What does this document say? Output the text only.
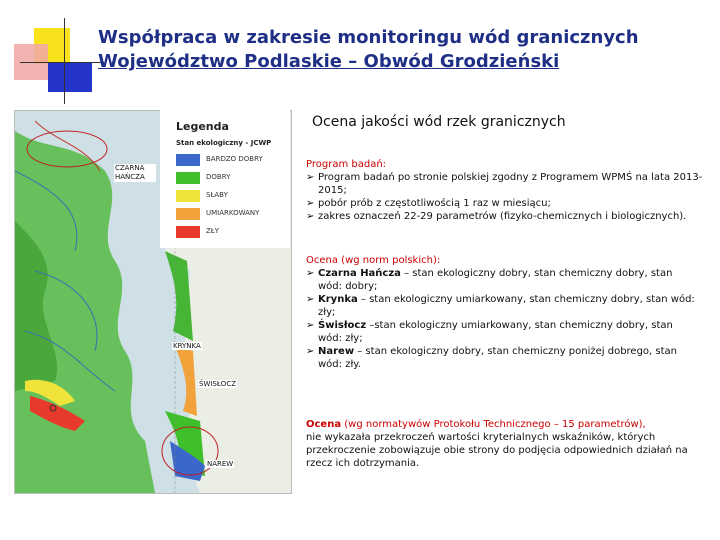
Współpraca w zakresie monitoringu wód granicznych
Województwo Podlaskie – Obwód Grodzieński
Ocena jakości wód rzek granicznych
Legenda
Stan ekologiczny - JCWP
BARDZO DOBRY
DOBRY
SŁABY
UMIARKOWANY
ZŁY
CZARNA HAŃCZA
KRYNKA
ŚWISŁOCZ
NAREW
Program badań:
➢ Program badań po stronie polskiej zgodny z Programem WPMŚ na lata 2013-2015;
➢ pobór prób z częstotliwością 1 raz w miesiącu;
➢ zakres oznaczeń 22-29 parametrów (fizyko-chemicznych i biologicznych).
Ocena (wg norm polskich):
➢ Czarna Hańcza – stan ekologiczny dobry, stan chemiczny dobry, stan wód: dobry;
➢ Krynka – stan ekologiczny umiarkowany, stan chemiczny dobry, stan wód: zły;
➢ Świsłocz –stan ekologiczny umiarkowany, stan chemiczny dobry, stan wód: zły;
➢ Narew – stan ekologiczny dobry, stan chemiczny poniżej dobrego, stan wód: zły.
Ocena (wg normatywów Protokołu Technicznego – 15 parametrów),
nie wykazała przekroczeń wartości kryterialnych wskaźników, których przekroczenie zobowiązuje obie strony do podjęcia odpowiednich działań na rzecz ich dotrzymania.
